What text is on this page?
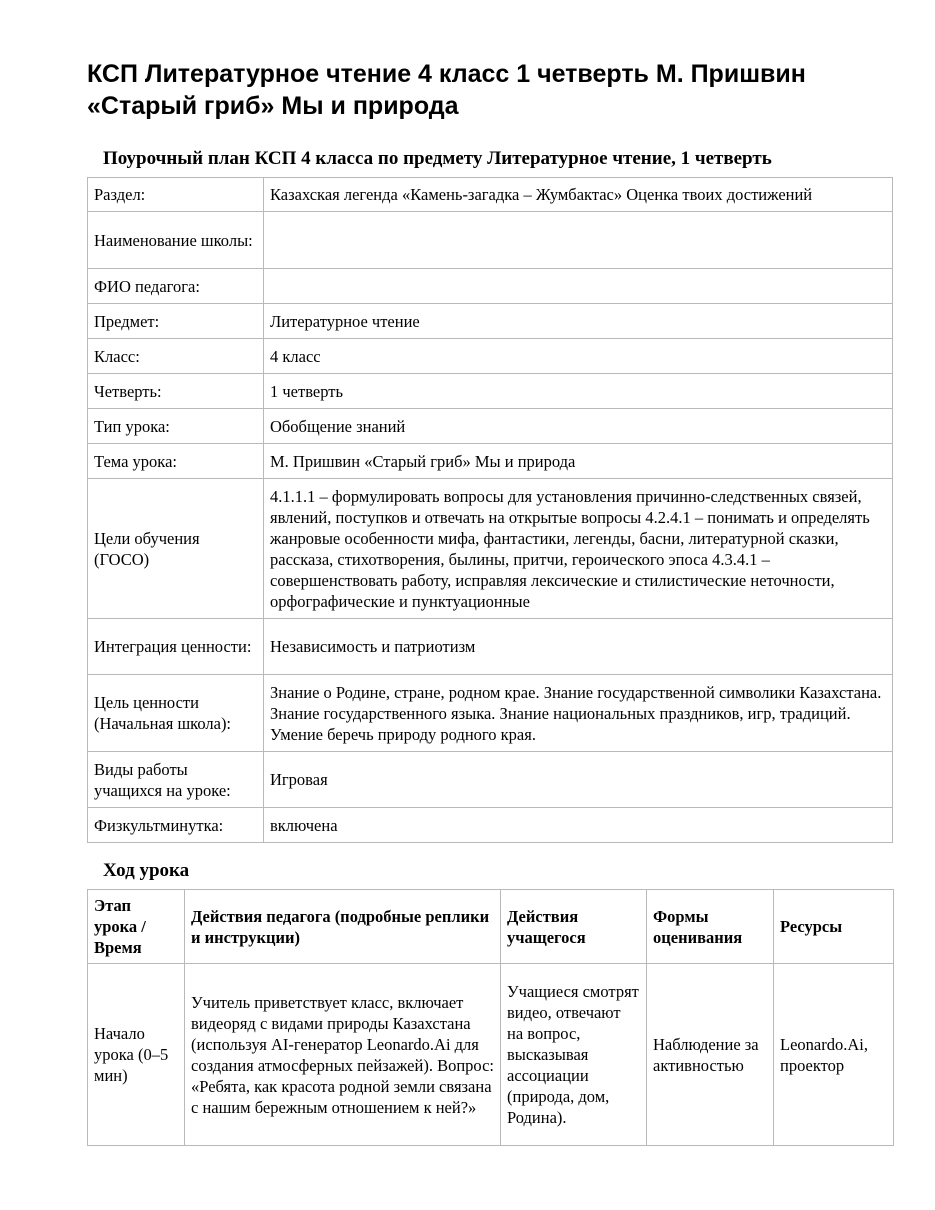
КСП Литературное чтение 4 класс 1 четверть М. Пришвин «Старый гриб» Мы и природа
Поурочный план КСП 4 класса по предмету Литературное чтение, 1 четверть
Раздел:	Казахская легенда «Камень-загадка – Жумбактас» Оценка твоих достижений
Наименование школы:	
ФИО педагога:	
Предмет:	Литературное чтение
Класс:	4 класс
Четверть:	1 четверть
Тип урока:	Обобщение знаний
Тема урока:	М. Пришвин «Старый гриб» Мы и природа
Цели обучения (ГОСО)	4.1.1.1 – формулировать вопросы для установления причинно-следственных связей, явлений, поступков и отвечать на открытые вопросы 4.2.4.1 – понимать и определять жанровые особенности мифа, фантастики, легенды, басни, литературной сказки, рассказа, стихотворения, былины, притчи, героического эпоса 4.3.4.1 – совершенствовать работу, исправляя лексические и стилистические неточности, орфографические и пунктуационные
Интеграция ценности:	Независимость и патриотизм
Цель ценности (Начальная школа):	Знание о Родине, стране, родном крае. Знание государственной символики Казахстана. Знание государственного языка. Знание национальных праздников, игр, традиций. Умение беречь природу родного края.
Виды работы учащихся на уроке:	Игровая
Физкультминутка:	включена
Ход урока
Этап урока / Время	Действия педагога (подробные реплики и инструкции)	Действия учащегося	Формы оценивания	Ресурсы
Начало урока (0–5 мин)	Учитель приветствует класс, включает видеоряд с видами природы Казахстана (используя AI-генератор Leonardo.Ai для создания атмосферных пейзажей). Вопрос: «Ребята, как красота родной земли связана с нашим бережным отношением к ней?»	Учащиеся смотрят видео, отвечают на вопрос, высказывая ассоциации (природа, дом, Родина).	Наблюдение за активностью	Leonardo.Ai, проектор
